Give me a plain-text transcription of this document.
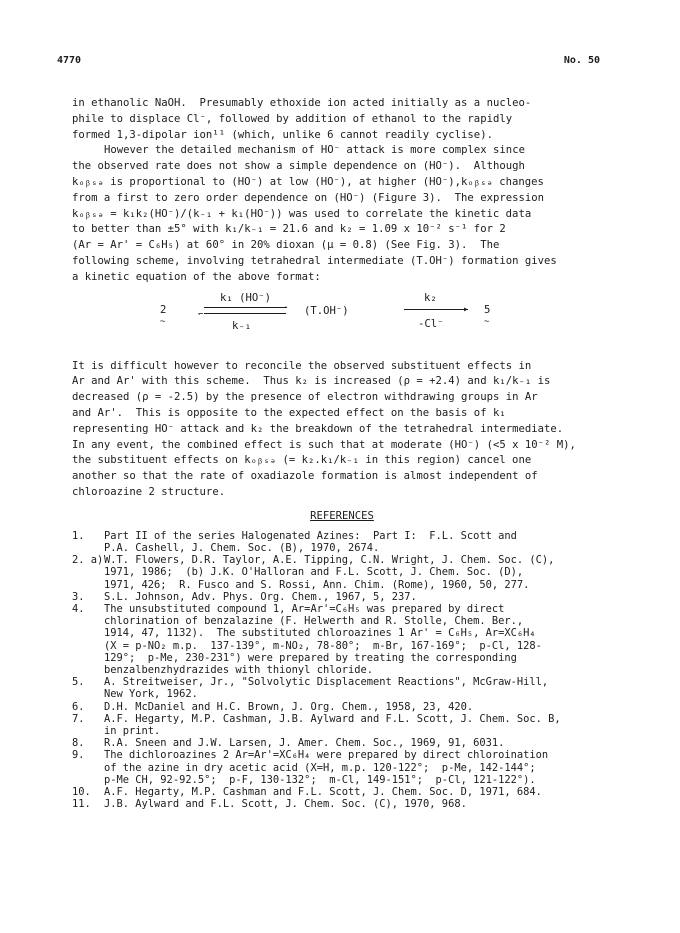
4770	No. 50
in ethanolic NaOH.  Presumably ethoxide ion acted initially as a nucleo-
phile to displace Cl⁻, followed by addition of ethanol to the rapidly
formed 1,3-dipolar ion¹¹ (which, unlike 6 cannot readily cyclise).
However the detailed mechanism of HO⁻ attack is more complex since
the observed rate does not show a simple dependence on (HO⁻).  Although
kₒᵦₛₔ is proportional to (HO⁻) at low (HO⁻), at higher (HO⁻),kₒᵦₛₔ changes
from a first to zero order dependence on (HO⁻) (Figure 3).  The expression
kₒᵦₛₔ = k₁k₂(HO⁻)/(k₋₁ + k₁(HO⁻)) was used to correlate the kinetic data
to better than ±5° with k₁/k₋₁ = 21.6 and k₂ = 1.09 x 10⁻² s⁻¹ for 2
(Ar = Ar' = C₆H₅) at 60° in 20% dioxan (μ = 0.8) (See Fig. 3).  The
following scheme, involving tetrahedral intermediate (T.OH⁻) formation gives
a kinetic equation of the above format:
2
~
k₁ (HO⁻)
⇀
↽
k₋₁
(T.OH⁻)
k₂
▸
-Cl⁻
5
~
It is difficult however to reconcile the observed substituent effects in
Ar and Ar' with this scheme.  Thus k₂ is increased (ρ = +2.4) and k₁/k₋₁ is
decreased (ρ = -2.5) by the presence of electron withdrawing groups in Ar
and Ar'.  This is opposite to the expected effect on the basis of k₁
representing HO⁻ attack and k₂ the breakdown of the tetrahedral intermediate.
In any event, the combined effect is such that at moderate (HO⁻) (<5 x 10⁻² M),
the substituent effects on kₒᵦₛₔ (= k₂.k₁/k₋₁ in this region) cancel one
another so that the rate of oxadiazole formation is almost independent of
chloroazine 2 structure.
REFERENCES
1.	Part II of the series Halogenated Azines:  Part I:  F.L. Scott and
P.A. Cashell, J. Chem. Soc. (B), 1970, 2674.
2. a) W.T. Flowers, D.R. Taylor, A.E. Tipping, C.N. Wright, J. Chem. Soc. (C),
1971, 1986;  (b) J.K. O'Halloran and F.L. Scott, J. Chem. Soc. (D),
1971, 426;  R. Fusco and S. Rossi, Ann. Chim. (Rome), 1960, 50, 277.
3.	S.L. Johnson, Adv. Phys. Org. Chem., 1967, 5, 237.
4.	The unsubstituted compound 1, Ar=Ar'=C₆H₅ was prepared by direct
chlorination of benzalazine (F. Helwerth and R. Stolle, Chem. Ber.,
1914, 47, 1132).  The substituted chloroazines 1 Ar' = C₆H₅, Ar=XC₆H₄
(X = p-NO₂ m.p.  137-139°, m-NO₂, 78-80°;  m-Br, 167-169°;  p-Cl, 128-
129°;  p-Me, 230-231°) were prepared by treating the corresponding
benzalbenzhydrazides with thionyl chloride.
5.	A. Streitweiser, Jr., "Solvolytic Displacement Reactions", McGraw-Hill,
New York, 1962.
6.	D.H. McDaniel and H.C. Brown, J. Org. Chem., 1958, 23, 420.
7.	A.F. Hegarty, M.P. Cashman, J.B. Aylward and F.L. Scott, J. Chem. Soc. B,
in print.
8.	R.A. Sneen and J.W. Larsen, J. Amer. Chem. Soc., 1969, 91, 6031.
9.	The dichloroazines 2 Ar=Ar'=XC₆H₄ were prepared by direct chloroination
of the azine in dry acetic acid (X=H, m.p. 120-122°;  p-Me, 142-144°;
p-Me CH, 92-92.5°;  p-F, 130-132°;  m-Cl, 149-151°;  p-Cl, 121-122°).
10.	A.F. Hegarty, M.P. Cashman and F.L. Scott, J. Chem. Soc. D, 1971, 684.
11.	J.B. Aylward and F.L. Scott, J. Chem. Soc. (C), 1970, 968.
